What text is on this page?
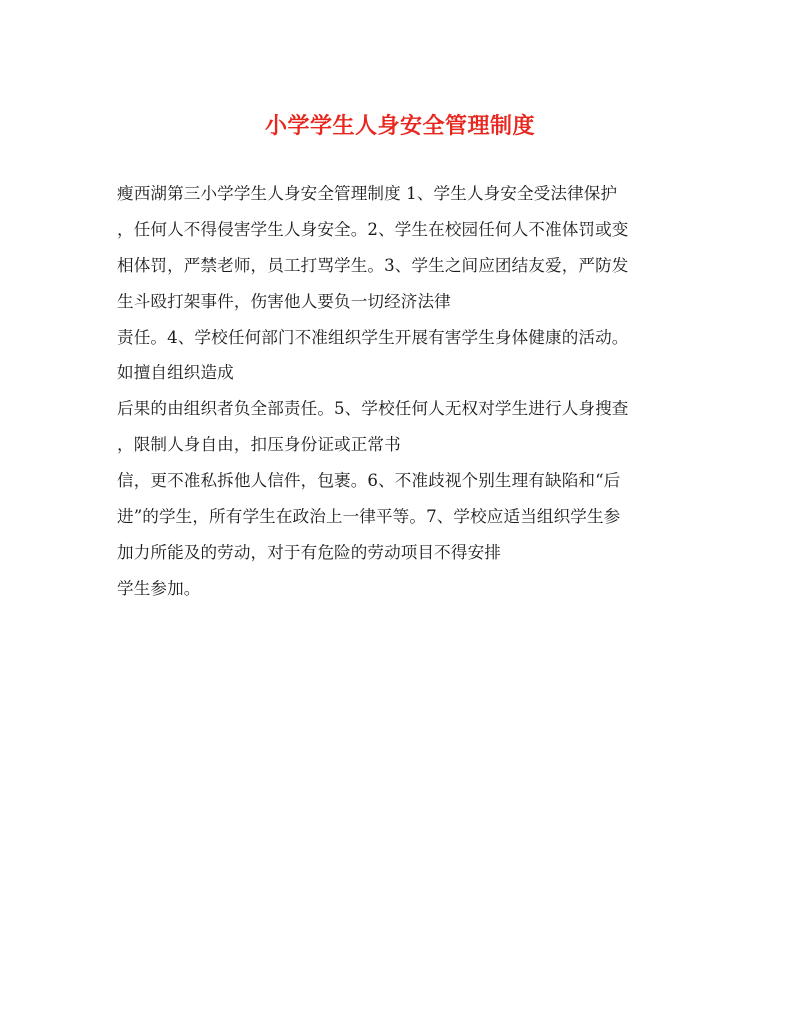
小学学生人身安全管理制度
瘦西湖第三小学学生人身安全管理制度 1、学生人身安全受法律保护
，任何人不得侵害学生人身安全。2、学生在校园任何人不准体罚或变
相体罚，严禁老师，员工打骂学生。3、学生之间应团结友爱，严防发
生斗殴打架事件，伤害他人要负一切经济法律
责任。4、学校任何部门不准组织学生开展有害学生身体健康的活动。
如擅自组织造成
后果的由组织者负全部责任。5、学校任何人无权对学生进行人身搜查
，限制人身自由，扣压身份证或正常书
信，更不准私拆他人信件，包裹。6、不准歧视个别生理有缺陷和“后
进”的学生，所有学生在政治上一律平等。7、学校应适当组织学生参
加力所能及的劳动，对于有危险的劳动项目不得安排
学生参加。
